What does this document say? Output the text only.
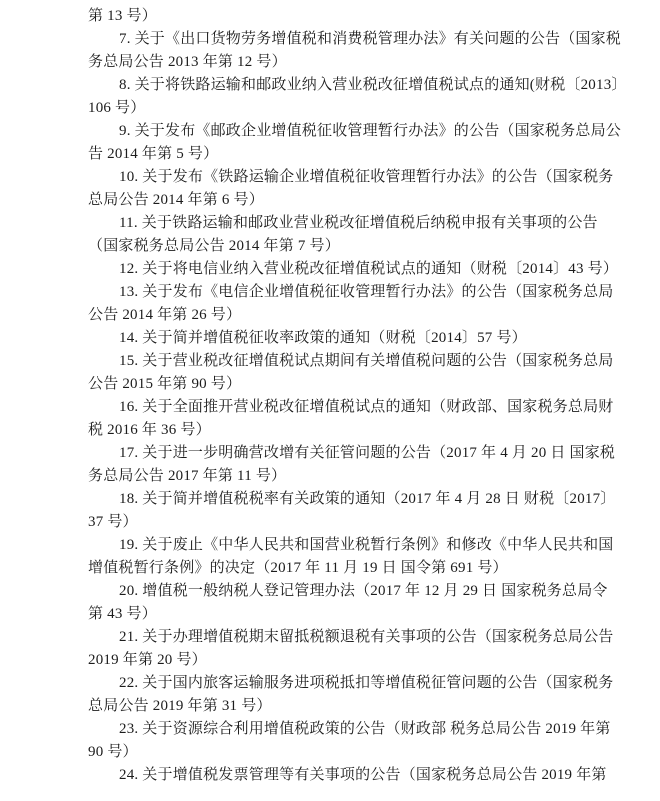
第 13 号）
7. 关于《出口货物劳务增值税和消费税管理办法》有关问题的公告（国家税
务总局公告 2013 年第 12 号）
8. 关于将铁路运输和邮政业纳入营业税改征增值税试点的通知(财税〔2013〕
106 号）
9. 关于发布《邮政企业增值税征收管理暂行办法》的公告（国家税务总局公
告 2014 年第 5 号）
10. 关于发布《铁路运输企业增值税征收管理暂行办法》的公告（国家税务
总局公告 2014 年第 6 号）
11. 关于铁路运输和邮政业营业税改征增值税后纳税申报有关事项的公告
（国家税务总局公告 2014 年第 7 号）
12. 关于将电信业纳入营业税改征增值税试点的通知（财税〔2014〕43 号）
13. 关于发布《电信企业增值税征收管理暂行办法》的公告（国家税务总局
公告 2014 年第 26 号）
14. 关于简并增值税征收率政策的通知（财税〔2014〕57 号）
15. 关于营业税改征增值税试点期间有关增值税问题的公告（国家税务总局
公告 2015 年第 90 号）
16. 关于全面推开营业税改征增值税试点的通知（财政部、国家税务总局财
税 2016 年 36 号）
17. 关于进一步明确营改增有关征管问题的公告（2017 年 4 月 20 日 国家税
务总局公告 2017 年第 11 号）
18. 关于简并增值税税率有关政策的通知（2017 年 4 月 28 日 财税〔2017〕
37 号）
19. 关于废止《中华人民共和国营业税暂行条例》和修改《中华人民共和国
增值税暂行条例》的决定（2017 年 11 月 19 日 国令第 691 号）
20. 增值税一般纳税人登记管理办法（2017 年 12 月 29 日 国家税务总局令
第 43 号）
21. 关于办理增值税期末留抵税额退税有关事项的公告（国家税务总局公告
2019 年第 20 号）
22. 关于国内旅客运输服务进项税抵扣等增值税征管问题的公告（国家税务
总局公告 2019 年第 31 号）
23. 关于资源综合利用增值税政策的公告（财政部 税务总局公告 2019 年第
90 号）
24. 关于增值税发票管理等有关事项的公告（国家税务总局公告 2019 年第
